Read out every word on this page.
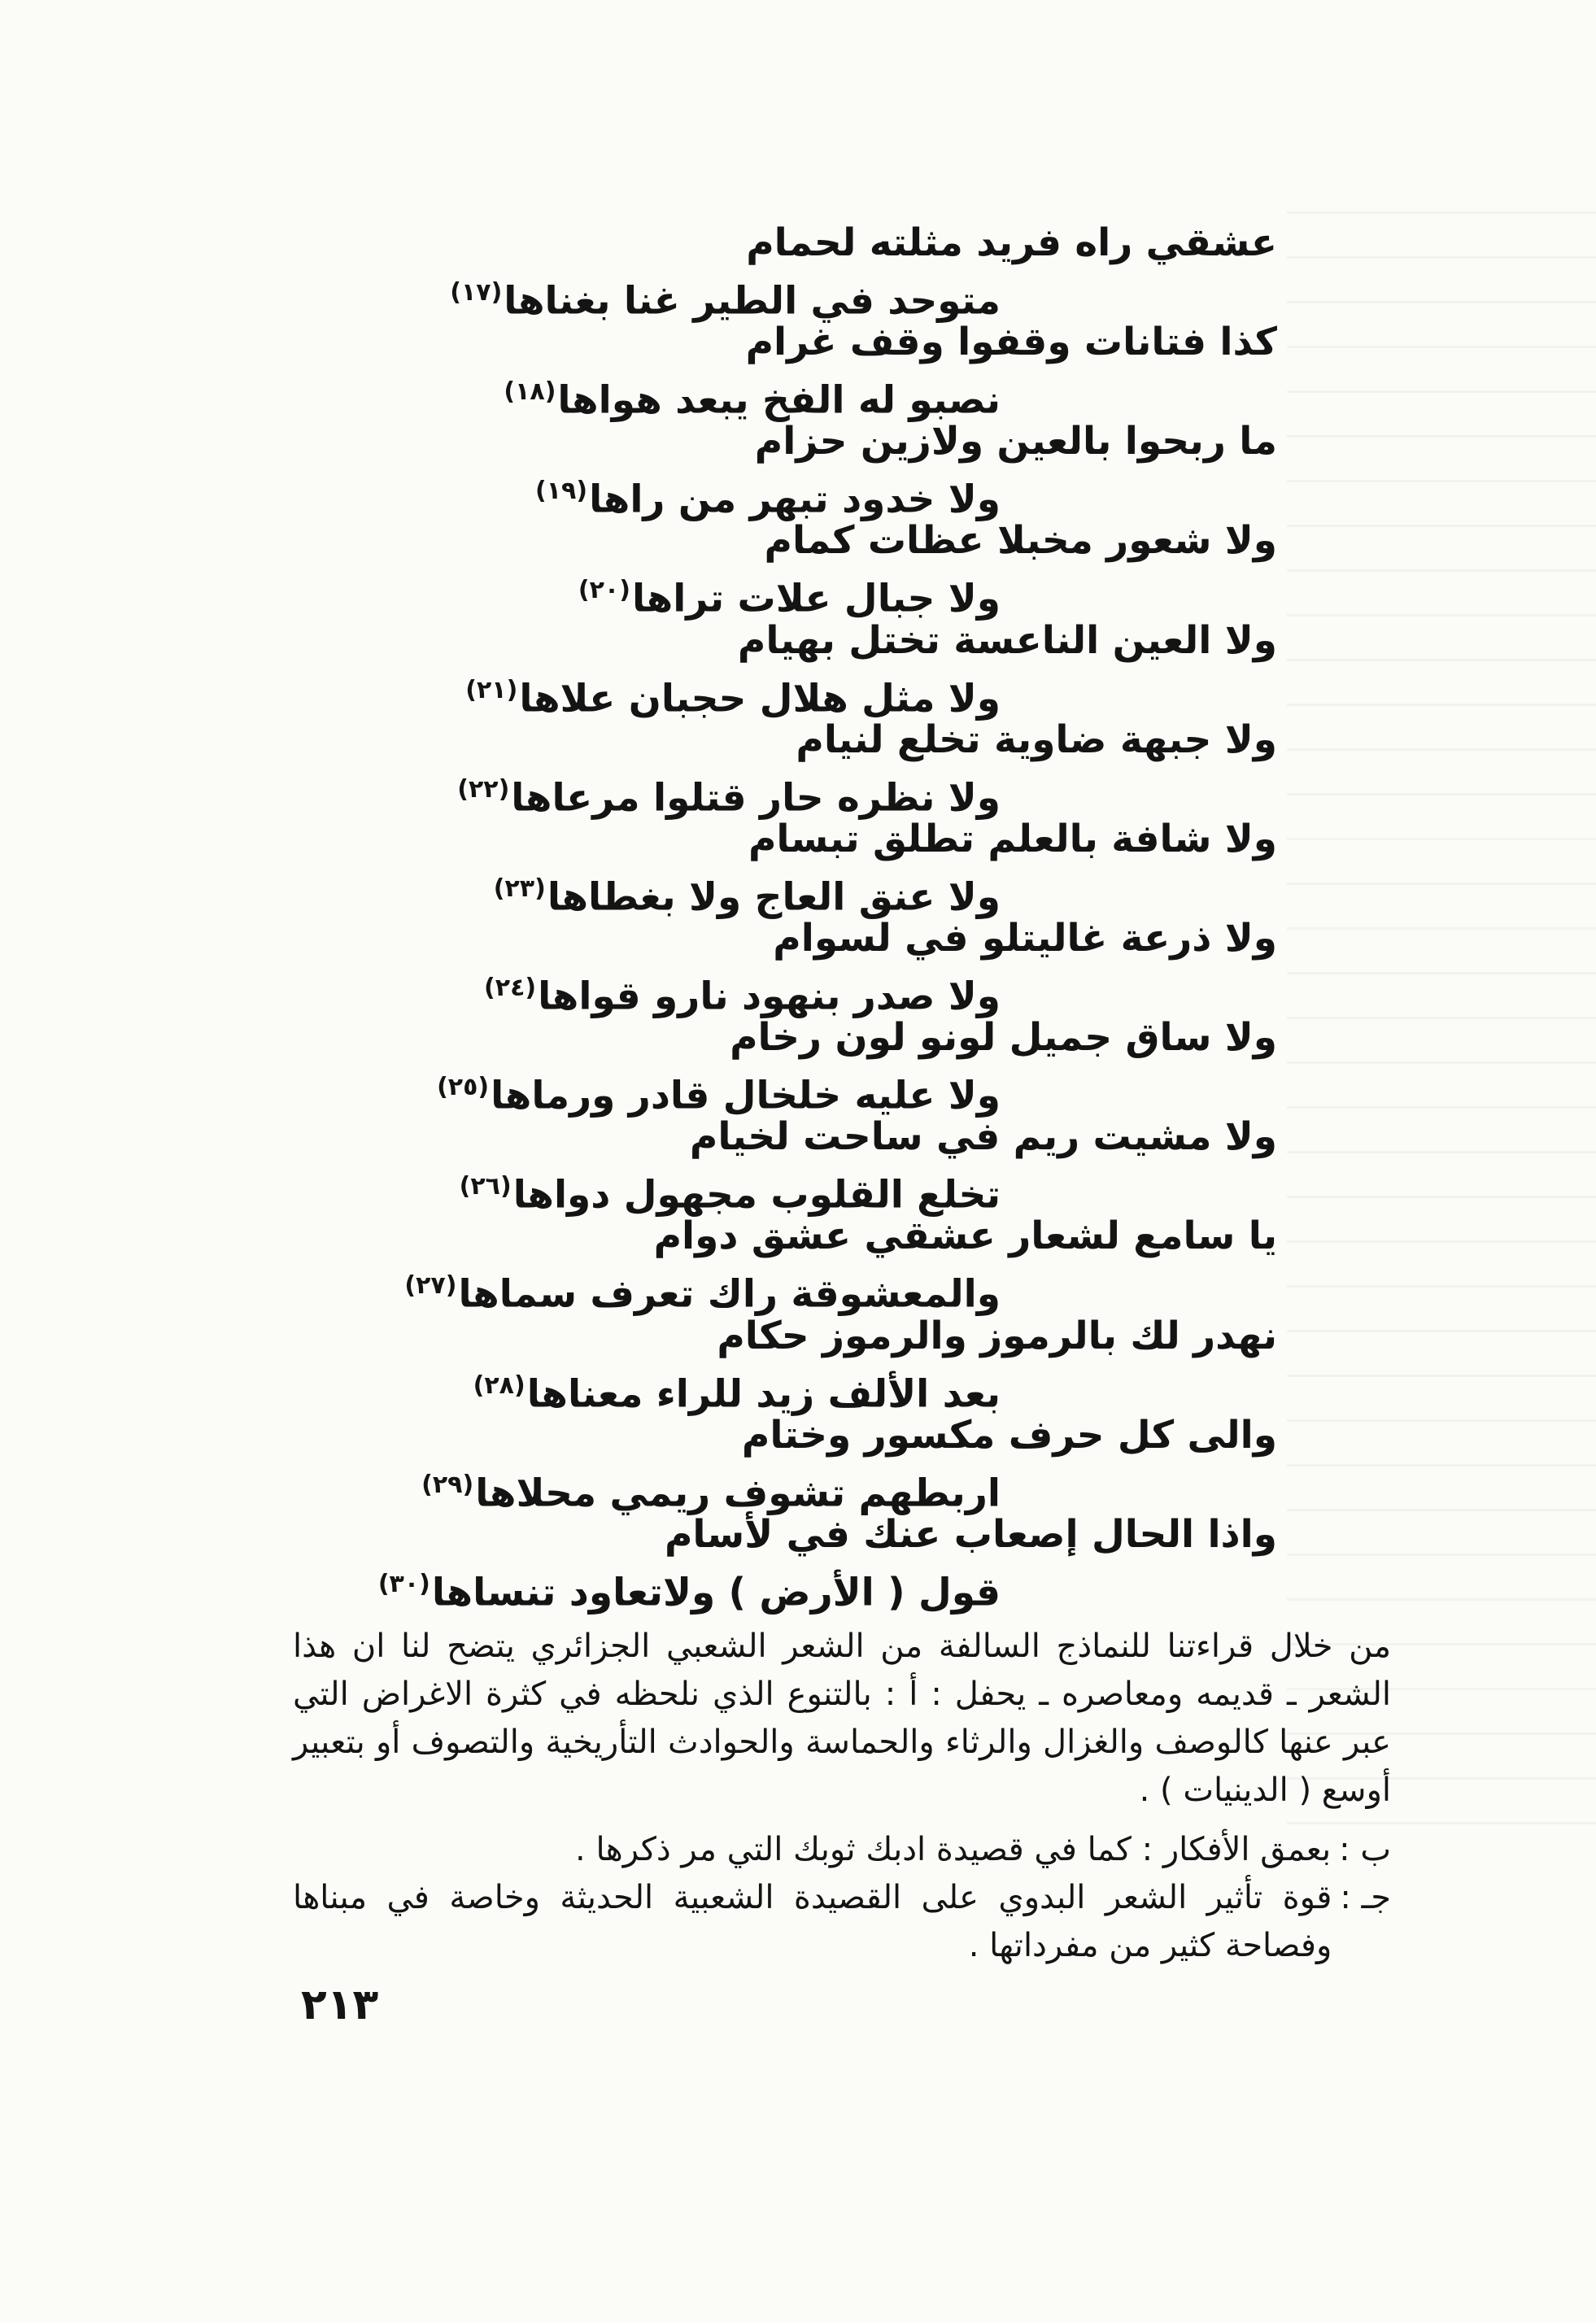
عشقي راه فريد مثلته لحمام
متوحد في الطير غنا بغناها$^{(١٧)}$
كذا فتانات وقفوا وقف غرام
نصبو له الفخ يبعد هواها$^{(١٨)}$
ما ربحوا بالعين ولازين حزام
ولا خدود تبهر من راها$^{(١٩)}$
ولا شعور مخبلا عظات كمام
ولا جبال علات تراها$^{(٢٠)}$
ولا العين الناعسة تختل بهيام
ولا مثل هلال حجبان علاها$^{(٢١)}$
ولا جبهة ضاوية تخلع لنيام
ولا نظره حار قتلوا مرعاها$^{(٢٢)}$
ولا شافة بالعلم تطلق تبسام
ولا عنق العاج ولا بغطاها$^{(٢٣)}$
ولا ذرعة غاليتلو في لسوام
ولا صدر بنهود نارو قواها$^{(٢٤)}$
ولا ساق جميل لونو لون رخام
ولا عليه خلخال قادر ورماها$^{(٢٥)}$
ولا مشيت ريم في ساحت لخيام
تخلع القلوب مجهول دواها$^{(٢٦)}$
يا سامع لشعار عشقي عشق دوام
والمعشوقة راك تعرف سماها$^{(٢٧)}$
نهدر لك بالرموز والرموز حكام
بعد الألف زيد للراء معناها$^{(٢٨)}$
والى كل حرف مكسور وختام
اربطهم تشوف ريمي محلاها$^{(٢٩)}$
واذا الحال إصعاب عنك في لأسام
قول ( الأرض ) ولاتعاود تنساها$^{(٣٠)}$

من خلال قراءتنا للنماذج السالفة من الشعر الشعبي الجزائري يتضح لنا ان هذا الشعر ـ قديمه ومعاصره ـ يحفل : أ : بالتنوع الذي نلحظه في كثرة الاغراض التي عبر عنها كالوصف والغزال والرثاء والحماسة والحوادث التأريخية والتصوف أو بتعبير أوسع ( الدينيات ) .

ب :
بعمق الأفكار : كما في قصيدة ادبك ثوبك التي مر ذكرها .
جـ :
قوة تأثير الشعر البدوي على القصيدة الشعبية الحديثة وخاصة في مبناها وفصاحة كثير من مفرداتها .
٢١٣
